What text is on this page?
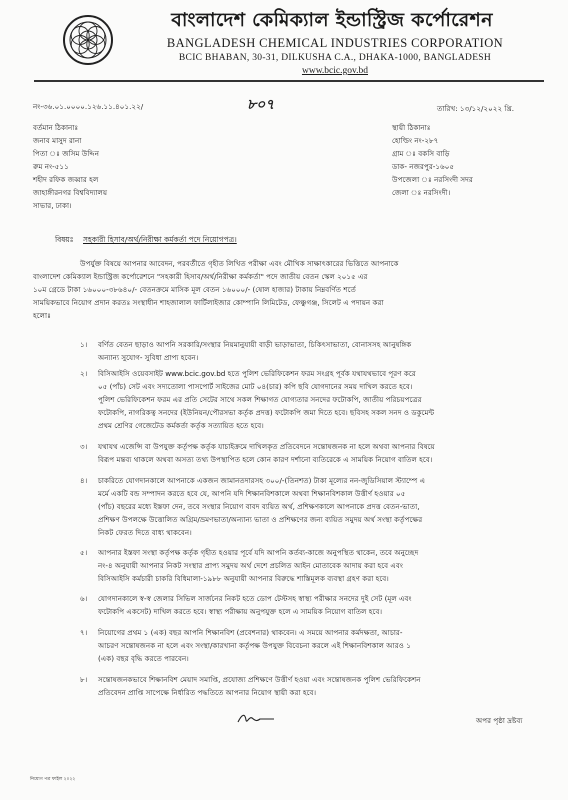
বাংলাদেশ কেমিক্যাল ইন্ডাস্ট্রিজ কর্পোরেশন
BANGLADESH CHEMICAL INDUSTRIES CORPORATION
BCIC BHABAN, 30-31, DILKUSHA C.A., DHAKA-1000, BANGLADESH
www.bcic.gov.bd
নং-৩৬.০১.০০০০.১২৬.১১.৪০১.২২/	৮০৭	তারিখ: ১৩/১২/২০২২ খ্রি.
বর্তমান ঠিকানাঃ
জনাব মাসুদ রানা
পিতা ঃ জসিম উদ্দিন
রুম নং-৫১১
শহীদ রফিক জব্বার হল
জাহাঙ্গীরনগর বিশ্ববিদ্যালয়
সাভার, ঢাকা।
স্থায়ী ঠিকানাঃ
হোল্ডিং নং-২৮৭
গ্রাম ঃ বকসি বাড়ি
ডাক- নজরপুর-১৬০৫
উপজেলা ঃ নরসিংদী সদর
জেলা ঃ নরসিংদী।
বিষয়ঃ সহকারী হিসাব/অর্থ/নিরীক্ষা কর্মকর্তা পদে নিয়োগপত্র।
উপর্যুক্ত বিষয়ে আপনার আবেদন, পরবর্তীতে গৃহীত লিখিত পরীক্ষা এবং মৌখিক সাক্ষাৎকারের ভিত্তিতে আপনাকে
বাংলাদেশ কেমিক্যাল ইন্ডাস্ট্রিজ কর্পোরেশনে "সহকারী হিসাব/অর্থ/নিরীক্ষা কর্মকর্তা" পদে জাতীয় বেতন স্কেল ২০১৫ এর
১০ম গ্রেডে টাকা ১৬০০০-৩৮৬৪০/- বেতনক্রমে মাসিক মূল বেতন ১৬০০০/- (ষোল হাজার) টাকায় নিম্নবর্ণিত শর্তে
সাময়িকভাবে নিয়োগ প্রদান করতঃ সংস্থাধীন শাহজালাল ফার্টিলাইজার কোম্পানি লিমিটেড, ফেঞ্চুগঞ্জ, সিলেট এ পদায়ন করা
হলোঃ
১। বর্ণিত বেতন ছাড়াও আপনি সরকারি/সংস্থার নিয়মানুযায়ী বাড়ী ভাড়াভাতা, চিকিৎসাভাতা, বোনাসসহ আনুষঙ্গিক
অন্যান্য সুযোগ- সুবিধা প্রাপ্য হবেন।
২। বিসিআইসি ওয়েবসাইট www.bcic.gov.bd হতে পুলিশ ভেরিফিকেশন ফরম সংগ্রহ পূর্বক যথাযথভাবে পূরণ করে
০৫ (পাঁচ) সেট এবং সদ্যতোলা পাসপোর্ট সাইজের মোট ০৪(চার) কপি ছবি যোগদানের সময় দাখিল করতে হবে।
পুলিশ ভেরিফিকেশন ফরম এর প্রতি সেটের সাথে সকল শিক্ষাগত যোগ্যতার সনদের ফটোকপি, জাতীয় পরিচয়পত্রের
ফটোকপি, নাগরিকত্ব সনদের (ইউনিয়ন/পৌরসভা কর্তৃক প্রদত্ত) ফটোকপি জমা দিতে হবে। ছবিসহ সকল সনদ ও ডকুমেন্ট
প্রথম শ্রেণির গেজেটেড কর্মকর্তা কর্তৃক সত্যায়িত হতে হবে।
৩। যথাযথ এজেন্সি বা উপযুক্ত কর্তৃপক্ষ কর্তৃক যাচাইক্রমে দাখিলকৃত প্রতিবেদনে সন্তোষজনক না হলে অথবা আপনার বিষয়ে
বিরূপ মন্তব্য থাকলে অথবা অসত্য তথ্য উপস্থাপিত হলে কোন কারণ দর্শানো ব্যতিরেকে এ সাময়িক নিয়োগ বাতিল হবে।
৪। চাকরিতে যোগদানকালে আপনাকে একজন জামানতদারসহ ৩০০/-(তিনশত) টাকা মূল্যের নন-জুডিসিয়াল স্ট্যাম্পে এ
মর্মে একটি বন্ড সম্পাদন করতে হবে যে, আপনি যদি শিক্ষানবিশকালে অথবা শিক্ষানবিশকাল উত্তীর্ণ হওয়ার ০৫
(পাঁচ) বছরের মধ্যে ইস্তফা দেন, তবে সংস্থার নিয়োগ বাবদ ব্যয়িত অর্থ, প্রশিক্ষণকালে আপনাকে প্রদত্ত বেতন-ভাতা,
প্রশিক্ষণ উপলক্ষে উত্তোলিত অগ্রিম/ভ্রমণভাতা/অন্যান্য ভাতা ও প্রশিক্ষণের জন্য ব্যয়িত সমুদয় অর্থ সংস্থা কর্তৃপক্ষের
নিকট ফেরত দিতে বাধ্য থাকবেন।
৫। আপনার ইস্তফা সংস্থা কর্তৃপক্ষ কর্তৃক গৃহীত হওয়ার পূর্বে যদি আপনি কর্তব্য-কাজে অনুপস্থিত থাকেন, তবে অনুচ্ছেদ
নং-৪ অনুযায়ী আপনার নিকট সংস্থার প্রাপ্য সমুদয় অর্থ দেশে প্রচলিত আইন মোতাবেক আদায় করা হবে এবং
বিসিআইসি কর্মচারী চাকরি বিধিমালা-১৯৮৮ অনুযায়ী আপনার বিরুদ্ধে শাস্তিমূলক ব্যবস্থা গ্রহণ করা হবে।
৬। যোগদানকালে স্ব-স্ব জেলার সিভিল সার্জনের নিকট হতে ডোপ টেস্টসহ স্বাস্থ্য পরীক্ষার সনদের দুই সেট (মূল এবং
ফটোকপি একসেট) দাখিল করতে হবে। স্বাস্থ্য পরীক্ষায় অনুপযুক্ত হলে এ সাময়িক নিয়োগ বাতিল হবে।
৭। নিয়োগের প্রথম ১ (এক) বছর আপনি শিক্ষানবিশ (প্রবেশনার) থাকবেন। এ সময়ে আপনার কর্মদক্ষতা, আচার-
আচরণ সন্তোষজনক না হলে এবং সংস্থা/কারখানা কর্তৃপক্ষ উপযুক্ত বিবেচনা করলে এই শিক্ষানবিশকাল আরও ১
(এক) বছর বৃদ্ধি করতে পারবেন।
৮। সন্তোষজনকভাবে শিক্ষানবিশ মেয়াদ সমাপ্তি, প্রযোজ্য প্রশিক্ষণে উত্তীর্ণ হওয়া এবং সন্তোষজনক পুলিশ ভেরিফিকেশন
প্রতিবেদন প্রাপ্তি সাপেক্ষে নির্ধারিত পদ্ধতিতে আপনার নিয়োগ স্থায়ী করা হবে।
অপর পৃষ্ঠা দ্রষ্টব্য
নিয়োগ পত্র ফাইল ২০২২
